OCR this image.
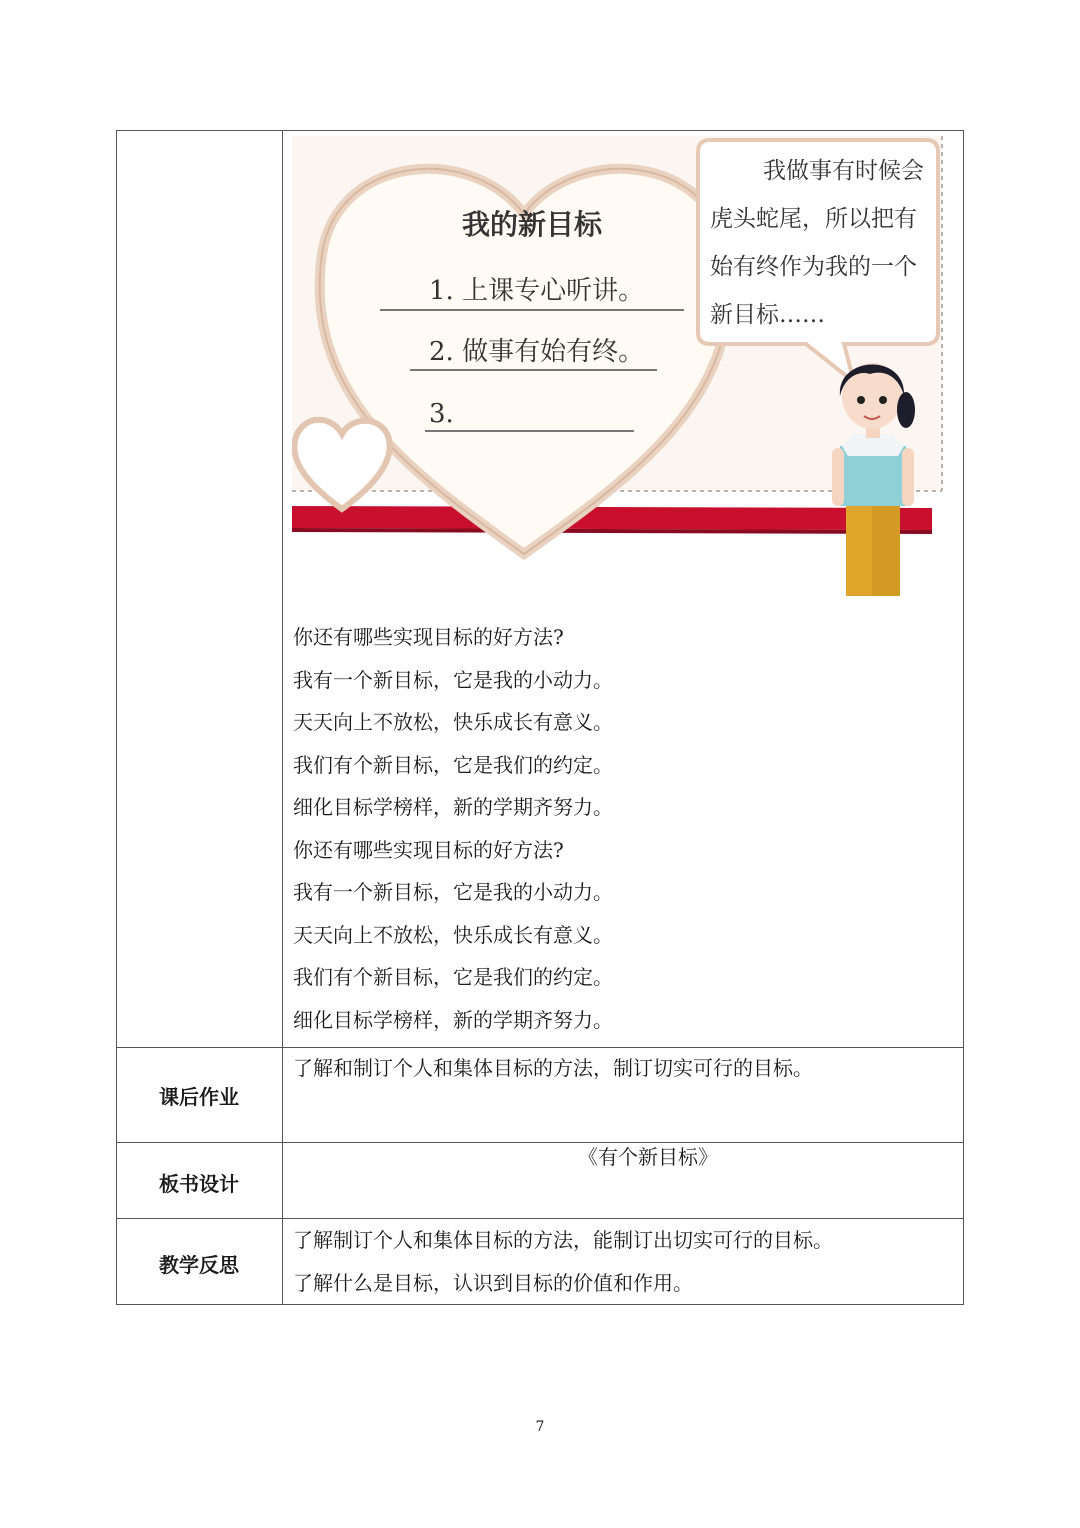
我的新目标
1. 上课专心听讲。
2. 做事有始有终。
3.
我做事有时候会
虎头蛇尾，所以把有
始有终作为我的一个
新目标……
你还有哪些实现目标的好方法?
我有一个新目标，它是我的小动力。
天天向上不放松，快乐成长有意义。
我们有个新目标，它是我们的约定。
细化目标学榜样，新的学期齐努力。
你还有哪些实现目标的好方法?
我有一个新目标，它是我的小动力。
天天向上不放松，快乐成长有意义。
我们有个新目标，它是我们的约定。
细化目标学榜样，新的学期齐努力。
课后作业
了解和制订个人和集体目标的方法，制订切实可行的目标。
板书设计
《有个新目标》
教学反思
了解制订个人和集体目标的方法，能制订出切实可行的目标。
了解什么是目标，认识到目标的价值和作用。
7
